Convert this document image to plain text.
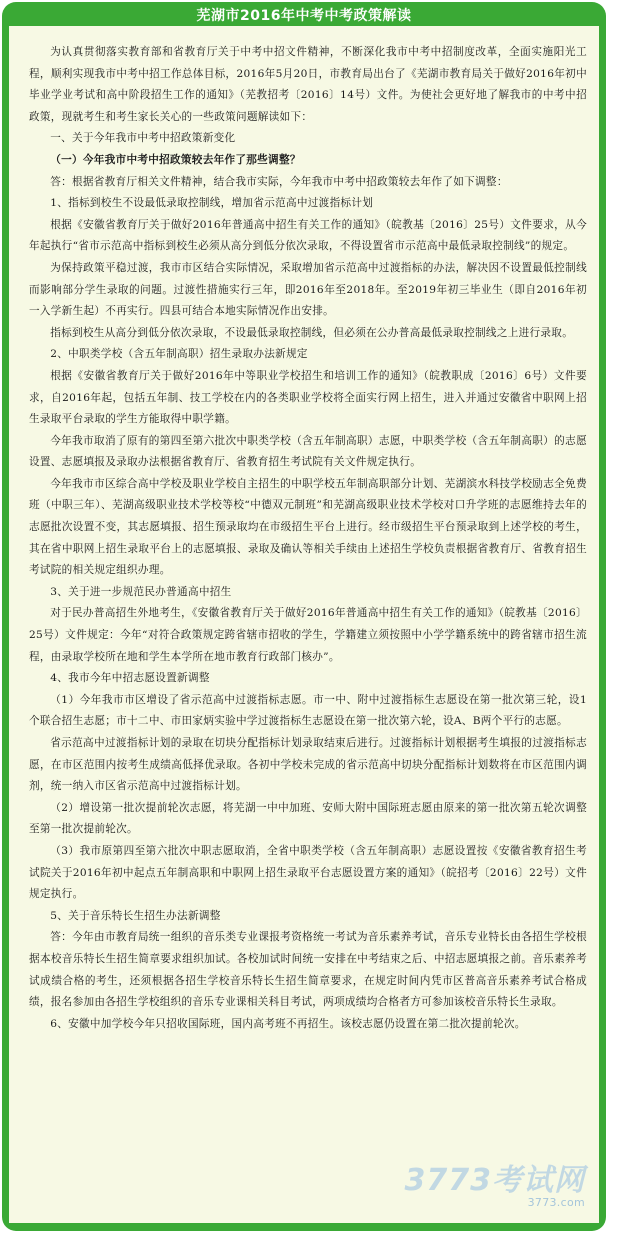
芜湖市2016年中考中考政策解读

为认真贯彻落实教育部和省教育厅关于中考中招文件精神，不断深化我市中考中招制度改革，全面实施阳光工程，顺利实现我市中考中招工作总体目标，2016年5月20日，市教育局出台了《芜湖市教育局关于做好2016年初中毕业学业考试和高中阶段招生工作的通知》（芜教招考〔2016〕14号）文件。为使社会更好地了解我市的中考中招政策，现就考生和考生家长关心的一些政策问题解读如下：

一、关于今年我市中考中招政策新变化

（一）今年我市中考中招政策较去年作了那些调整？

答：根据省教育厅相关文件精神，结合我市实际，今年我市中考中招政策较去年作了如下调整：

1、指标到校生不设最低录取控制线，增加省示范高中过渡指标计划

根据《安徽省教育厅关于做好2016年普通高中招生有关工作的通知》（皖教基〔2016〕25号）文件要求，从今年起执行“省市示范高中指标到校生必须从高分到低分依次录取，不得设置省市示范高中最低录取控制线”的规定。

为保持政策平稳过渡，我市市区结合实际情况，采取增加省示范高中过渡指标的办法，解决因不设置最低控制线而影响部分学生录取的问题。过渡性措施实行三年，即2016年至2018年。至2019年初三毕业生（即自2016年初一入学新生起）不再实行。四县可结合本地实际情况作出安排。

指标到校生从高分到低分依次录取，不设最低录取控制线，但必须在公办普高最低录取控制线之上进行录取。

2、中职类学校（含五年制高职）招生录取办法新规定

根据《安徽省教育厅关于做好2016年中等职业学校招生和培训工作的通知》（皖教职成〔2016〕6号）文件要求，自2016年起，包括五年制、技工学校在内的各类职业学校将全面实行网上招生，进入并通过安徽省中职网上招生录取平台录取的学生方能取得中职学籍。

今年我市取消了原有的第四至第六批次中职类学校（含五年制高职）志愿，中职类学校（含五年制高职）的志愿设置、志愿填报及录取办法根据省教育厅、省教育招生考试院有关文件规定执行。

今年我市市区综合高中学校及职业学校自主招生的中职学校五年制高职部分计划、芜湖滨水科技学校励志全免费班（中职三年）、芜湖高级职业技术学校等校“中德双元制班”和芜湖高级职业技术学校对口升学班的志愿维持去年的志愿批次设置不变，其志愿填报、招生预录取均在市级招生平台上进行。经市级招生平台预录取到上述学校的考生，其在省中职网上招生录取平台上的志愿填报、录取及确认等相关手续由上述招生学校负责根据省教育厅、省教育招生考试院的相关规定组织办理。

3、关于进一步规范民办普通高中招生

对于民办普高招生外地考生，《安徽省教育厅关于做好2016年普通高中招生有关工作的通知》（皖教基〔2016〕25号）文件规定：今年“对符合政策规定跨省辖市招收的学生，学籍建立须按照中小学学籍系统中的跨省辖市招生流程，由录取学校所在地和学生本学所在地市教育行政部门核办”。

4、我市今年中招志愿设置新调整

（1）今年我市市区增设了省示范高中过渡指标志愿。市一中、附中过渡指标生志愿设在第一批次第三轮，设1个联合招生志愿；市十二中、市田家炳实验中学过渡指标生志愿设在第一批次第六轮，设A、B两个平行的志愿。

省示范高中过渡指标计划的录取在切块分配指标计划录取结束后进行。过渡指标计划根据考生填报的过渡指标志愿，在市区范围内按考生成绩高低择优录取。各初中学校未完成的省示范高中切块分配指标计划数将在市区范围内调剂，统一纳入市区省示范高中过渡指标计划。

（2）增设第一批次提前轮次志愿，将芜湖一中中加班、安师大附中国际班志愿由原来的第一批次第五轮次调整至第一批次提前轮次。

（3）我市原第四至第六批次中职志愿取消，全省中职类学校（含五年制高职）志愿设置按《安徽省教育招生考试院关于2016年初中起点五年制高职和中职网上招生录取平台志愿设置方案的通知》（皖招考〔2016〕22号）文件规定执行。

5、关于音乐特长生招生办法新调整

答：今年由市教育局统一组织的音乐类专业课报考资格统一考试为音乐素养考试，音乐专业特长由各招生学校根据本校音乐特长生招生简章要求组织加试。各校加试时间统一安排在中考结束之后、中招志愿填报之前。音乐素养考试成绩合格的考生，还须根据各招生学校音乐特长生招生简章要求，在规定时间内凭市区普高音乐素养考试合格成绩，报名参加由各招生学校组织的音乐专业课相关科目考试，两项成绩均合格者方可参加该校音乐特长生录取。

6、安徽中加学校今年只招收国际班，国内高考班不再招生。该校志愿仍设置在第二批次提前轮次。

3773考试网
3773.com
